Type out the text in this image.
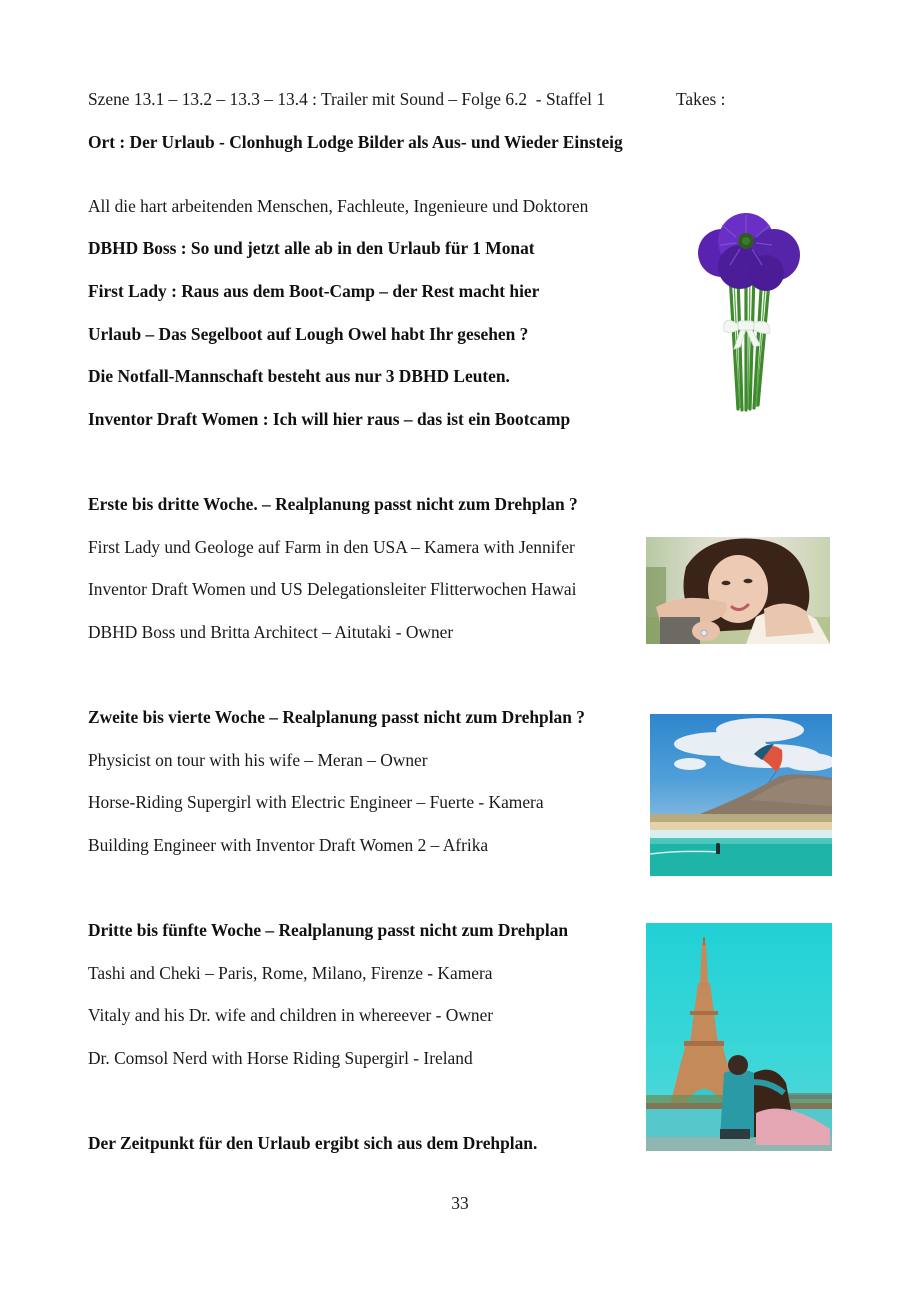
Szene 13.1 – 13.2 – 13.3 – 13.4 : Trailer mit Sound – Folge 6.2  - Staffel 1	Takes :
Ort : Der Urlaub - Clonhugh Lodge Bilder als Aus- und Wieder Einsteig
All die hart arbeitenden Menschen, Fachleute, Ingenieure und Doktoren
DBHD Boss : So und jetzt alle ab in den Urlaub für 1 Monat
First Lady : Raus aus dem Boot-Camp – der Rest macht hier
Urlaub – Das Segelboot auf Lough Owel habt Ihr gesehen ?
Die Notfall-Mannschaft besteht aus nur 3 DBHD Leuten.
Inventor Draft Women : Ich will hier raus – das ist ein Bootcamp
Erste bis dritte Woche. – Realplanung passt nicht zum Drehplan ?
First Lady und Geologe auf Farm in den USA – Kamera with Jennifer
Inventor Draft Women und US Delegationsleiter Flitterwochen Hawai
DBHD Boss und Britta Architect – Aitutaki - Owner
Zweite bis vierte Woche – Realplanung passt nicht zum Drehplan ?
Physicist on tour with his wife – Meran – Owner
Horse-Riding Supergirl with Electric Engineer – Fuerte - Kamera
Building Engineer with Inventor Draft Women 2 – Afrika
Dritte bis fünfte Woche – Realplanung passt nicht zum Drehplan
Tashi and Cheki – Paris, Rome, Milano, Firenze - Kamera
Vitaly and his Dr. wife and children in whereever - Owner
Dr. Comsol Nerd with Horse Riding Supergirl - Ireland
Der Zeitpunkt für den Urlaub ergibt sich aus dem Drehplan.
33
